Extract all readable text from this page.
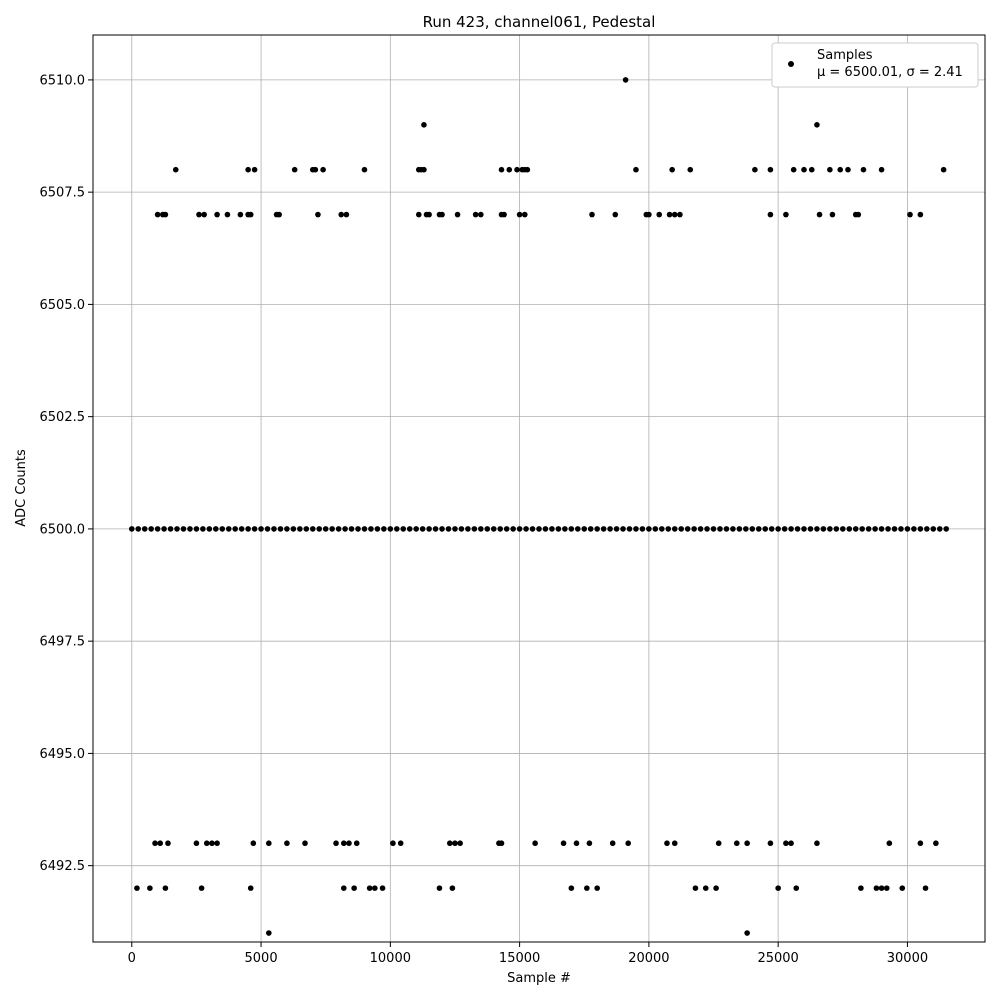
Run 423, channel061, Pedestal
0	5000	10000	15000	20000	25000	30000
6492.5
6495.0
6497.5
6500.0
6502.5
6505.0
6507.5
6510.0
Sample #
ADC Counts
Samples
μ = 6500.01, σ = 2.41
